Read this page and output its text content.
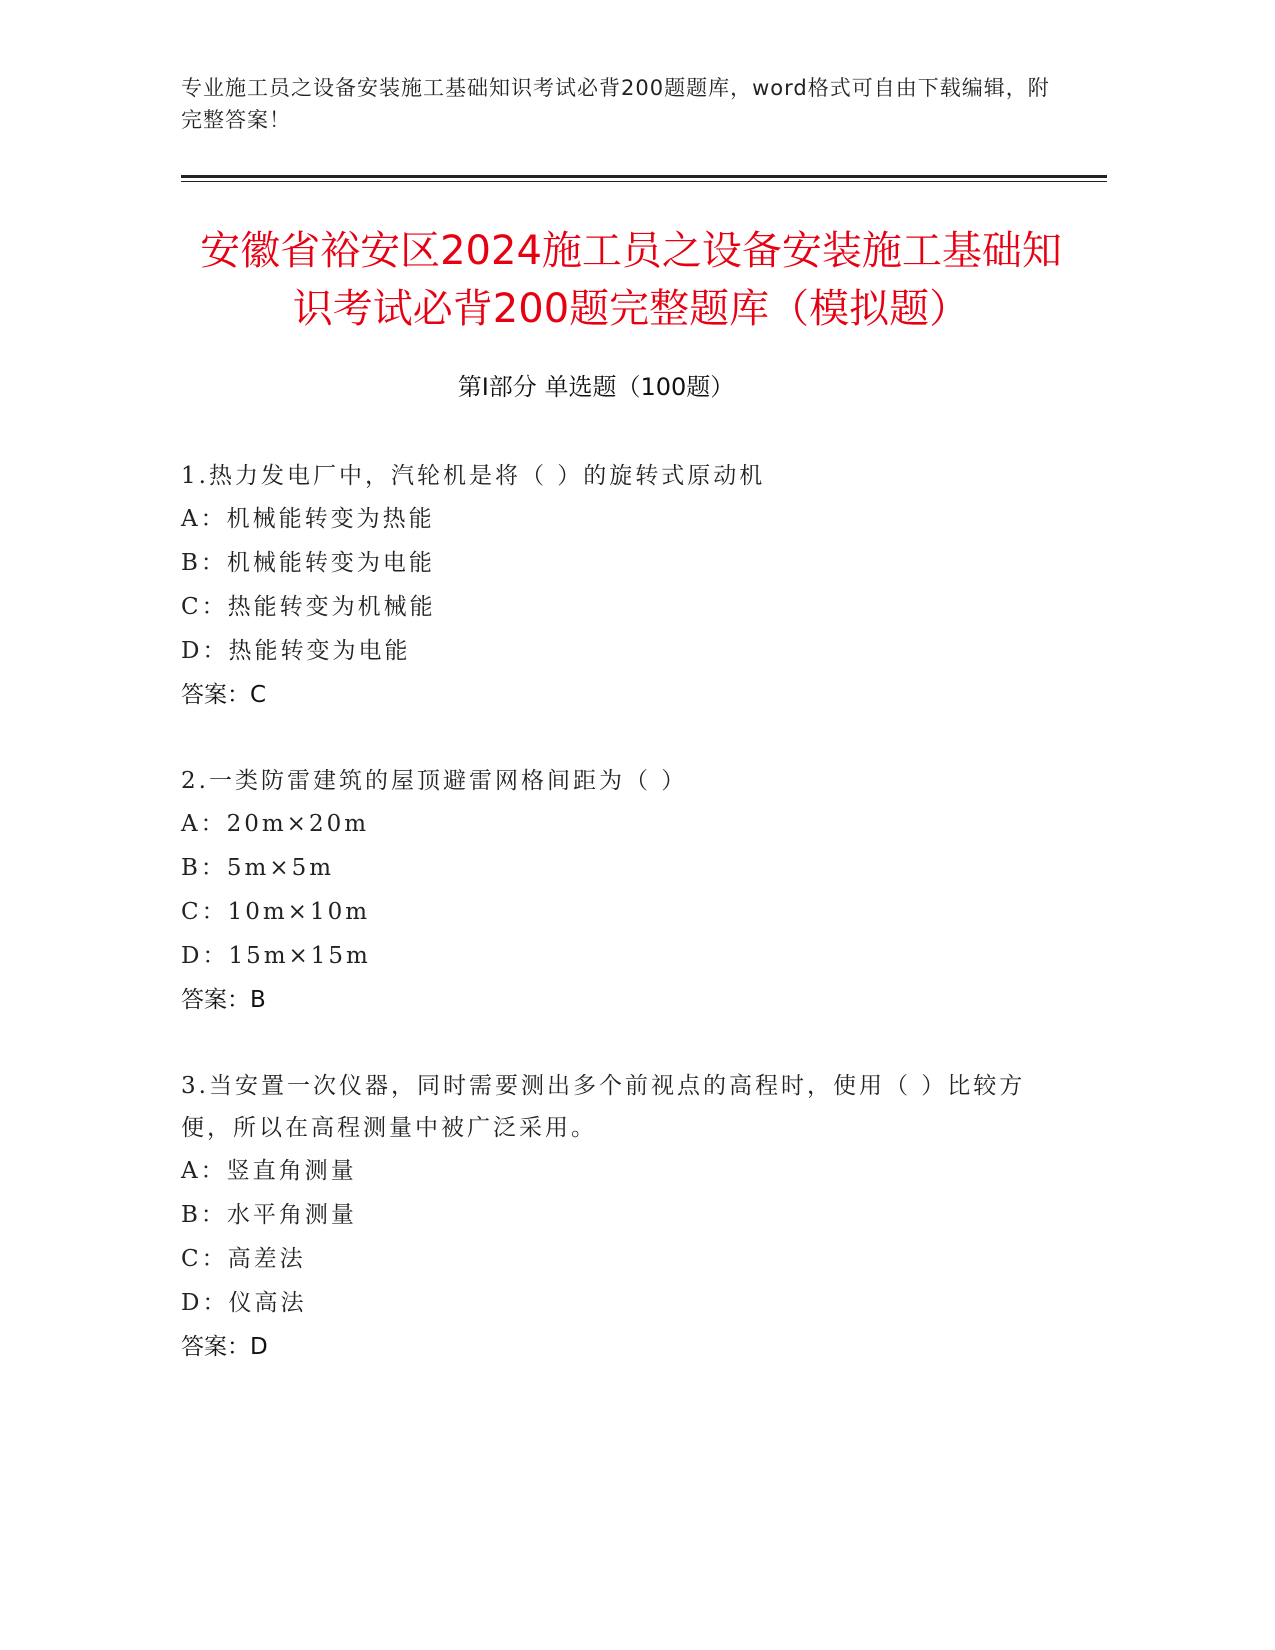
专业施工员之设备安装施工基础知识考试必背200题题库，word格式可自由下载编辑，附完整答案！
安徽省裕安区2024施工员之设备安装施工基础知识考试必背200题完整题库（模拟题）
第I部分 单选题（100题）

1.热力发电厂中，汽轮机是将（ ）的旋转式原动机

A：机械能转变为热能

B：机械能转变为电能

C：热能转变为机械能

D：热能转变为电能

答案：C

2.一类防雷建筑的屋顶避雷网格间距为（ ）

A：20m×20m

B：5m×5m

C：10m×10m

D：15m×15m

答案：B

3.当安置一次仪器，同时需要测出多个前视点的高程时，使用（ ）比较方便，所以在高程测量中被广泛采用。

A：竖直角测量

B：水平角测量

C：高差法

D：仪高法

答案：D
